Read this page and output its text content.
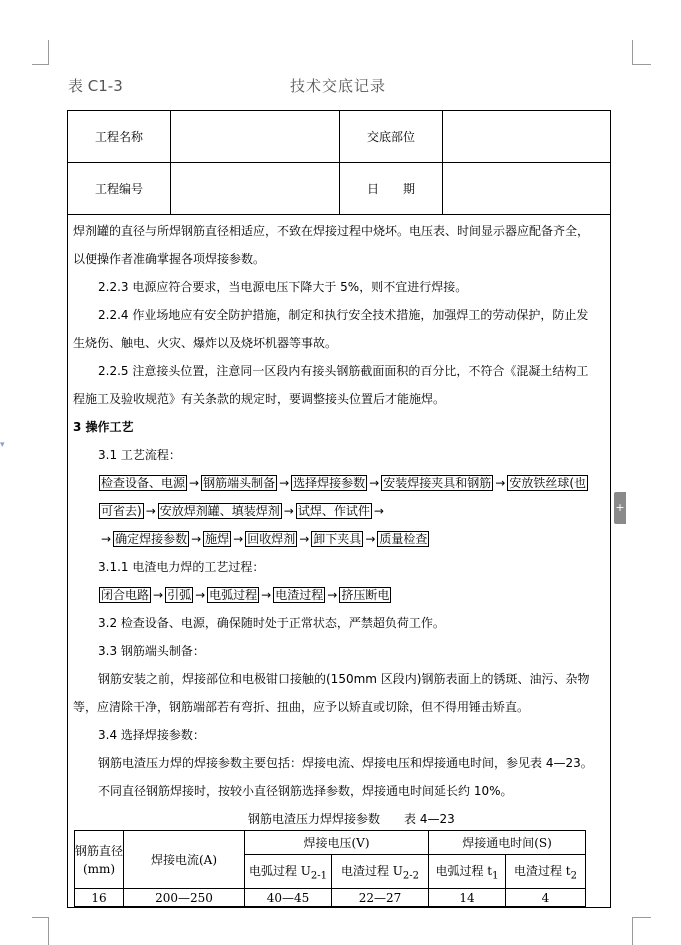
表 C1-3	技术交底记录
工程名称		交底部位	
工程编号		日　　期	
焊剂罐的直径与所焊钢筋直径相适应，不致在焊接过程中烧坏。电压表、时间显示器应配备齐全，
以便操作者准确掌握各项焊接参数。
2.2.3 电源应符合要求，当电源电压下降大于 5%，则不宜进行焊接。
2.2.4 作业场地应有安全防护措施，制定和执行安全技术措施，加强焊工的劳动保护，防止发
生烧伤、触电、火灾、爆炸以及烧坏机器等事故。
2.2.5 注意接头位置，注意同一区段内有接头钢筋截面面积的百分比，不符合《混凝土结构工
程施工及验收规范》有关条款的规定时，要调整接头位置后才能施焊。
3 操作工艺
3.1 工艺流程：
检查设备、电源 → 钢筋端头制备 → 选择焊接参数 → 安装焊接夹具和钢筋 → 安放铁丝球(也
可省去) → 安放焊剂罐、填装焊剂 → 试焊、作试件 →
→ 确定焊接参数 → 施焊 → 回收焊剂 → 卸下夹具 → 质量检查
3.1.1 电渣电力焊的工艺过程：
闭合电路 → 引弧 → 电弧过程 → 电渣过程 → 挤压断电
3.2 检查设备、电源，确保随时处于正常状态，严禁超负荷工作。
3.3 钢筋端头制备：
钢筋安装之前，焊接部位和电极钳口接触的(150mm 区段内)钢筋表面上的锈斑、油污、杂物
等，应清除干净，钢筋端部若有弯折、扭曲，应予以矫直或切除，但不得用锤击矫直。
3.4 选择焊接参数：
钢筋电渣压力焊的焊接参数主要包括：焊接电流、焊接电压和焊接通电时间，参见表 4—23。
不同直径钢筋焊接时，按较小直径钢筋选择参数，焊接通电时间延长约 10%。
钢筋电渣压力焊焊接参数　　表 4—23
钢筋直径(mm)	焊接电流(A)	焊接电压(V)		焊接通电时间(S)	
		电弧过程 $U_{2-1}$	电渣过程 $U_{2-2}$	电弧过程 $t_1$	电渣过程 $t_2$
16	200—250	40—45	22—27	14	4
+
▾
